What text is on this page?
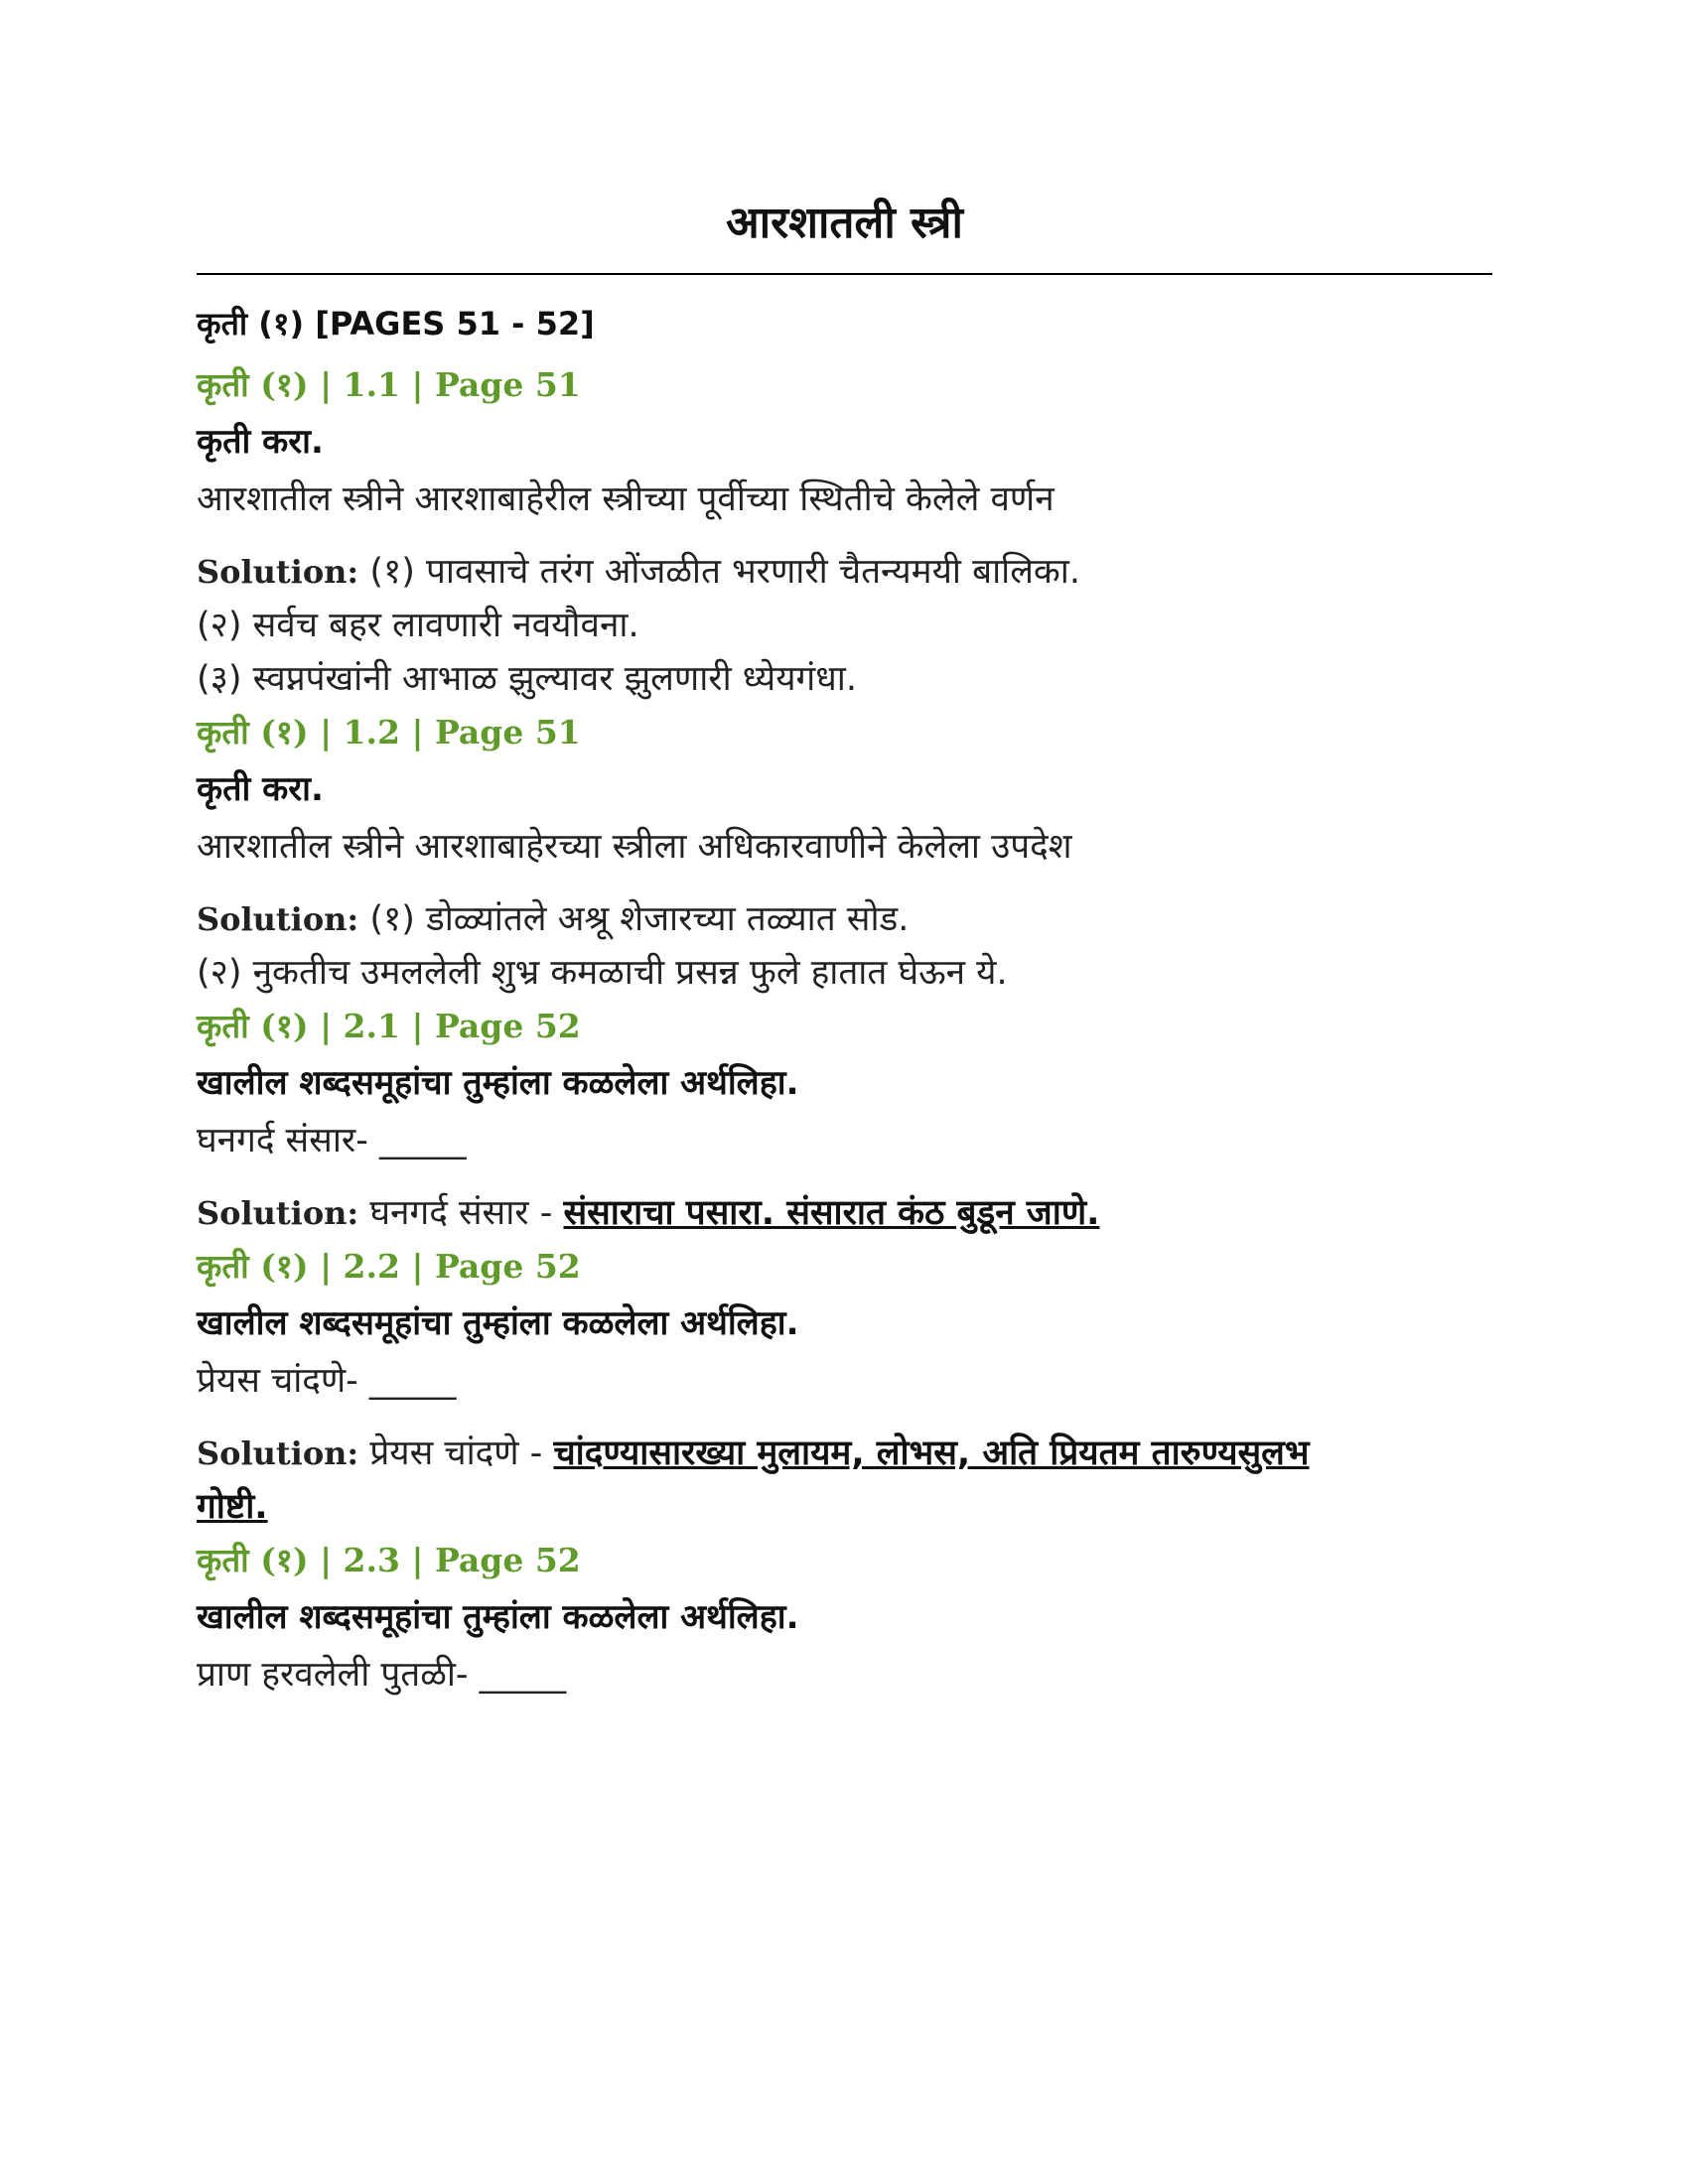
आरशातली स्त्री
कृती (१) [PAGES 51 - 52]
कृती (१) | 1.1 | Page 51
कृती करा.
आरशातील स्त्रीने आरशाबाहेरील स्त्रीच्या पूर्वीच्या स्थितीचे केलेले वर्णन
Solution: (१) पावसाचे तरंग ओंजळीत भरणारी चैतन्यमयी बालिका.
(२) सर्वच बहर लावणारी नवयौवना.
(३) स्वप्नपंखांनी आभाळ झुल्यावर झुलणारी ध्येयगंधा.
कृती (१) | 1.2 | Page 51
कृती करा.
आरशातील स्त्रीने आरशाबाहेरच्या स्त्रीला अधिकारवाणीने केलेला उपदेश
Solution: (१) डोळ्यांतले अश्रू शेजारच्या तळ्यात सोड.
(२) नुकतीच उमललेली शुभ्र कमळाची प्रसन्न फुले हातात घेऊन ये.
कृती (१) | 2.1 | Page 52
खालील शब्दसमूहांचा तुम्हांला कळलेला अर्थलिहा.
घनगर्द संसार- _____
Solution: घनगर्द संसार - संसाराचा पसारा. संसारात कंठ बुडून जाणे.
कृती (१) | 2.2 | Page 52
खालील शब्दसमूहांचा तुम्हांला कळलेला अर्थलिहा.
प्रेयस चांदणे- _____
Solution: प्रेयस चांदणे - चांदण्यासारख्या मुलायम, लोभस, अति प्रियतम तारुण्यसुलभ
गोष्टी.
कृती (१) | 2.3 | Page 52
खालील शब्दसमूहांचा तुम्हांला कळलेला अर्थलिहा.
प्राण हरवलेली पुतळी- _____
